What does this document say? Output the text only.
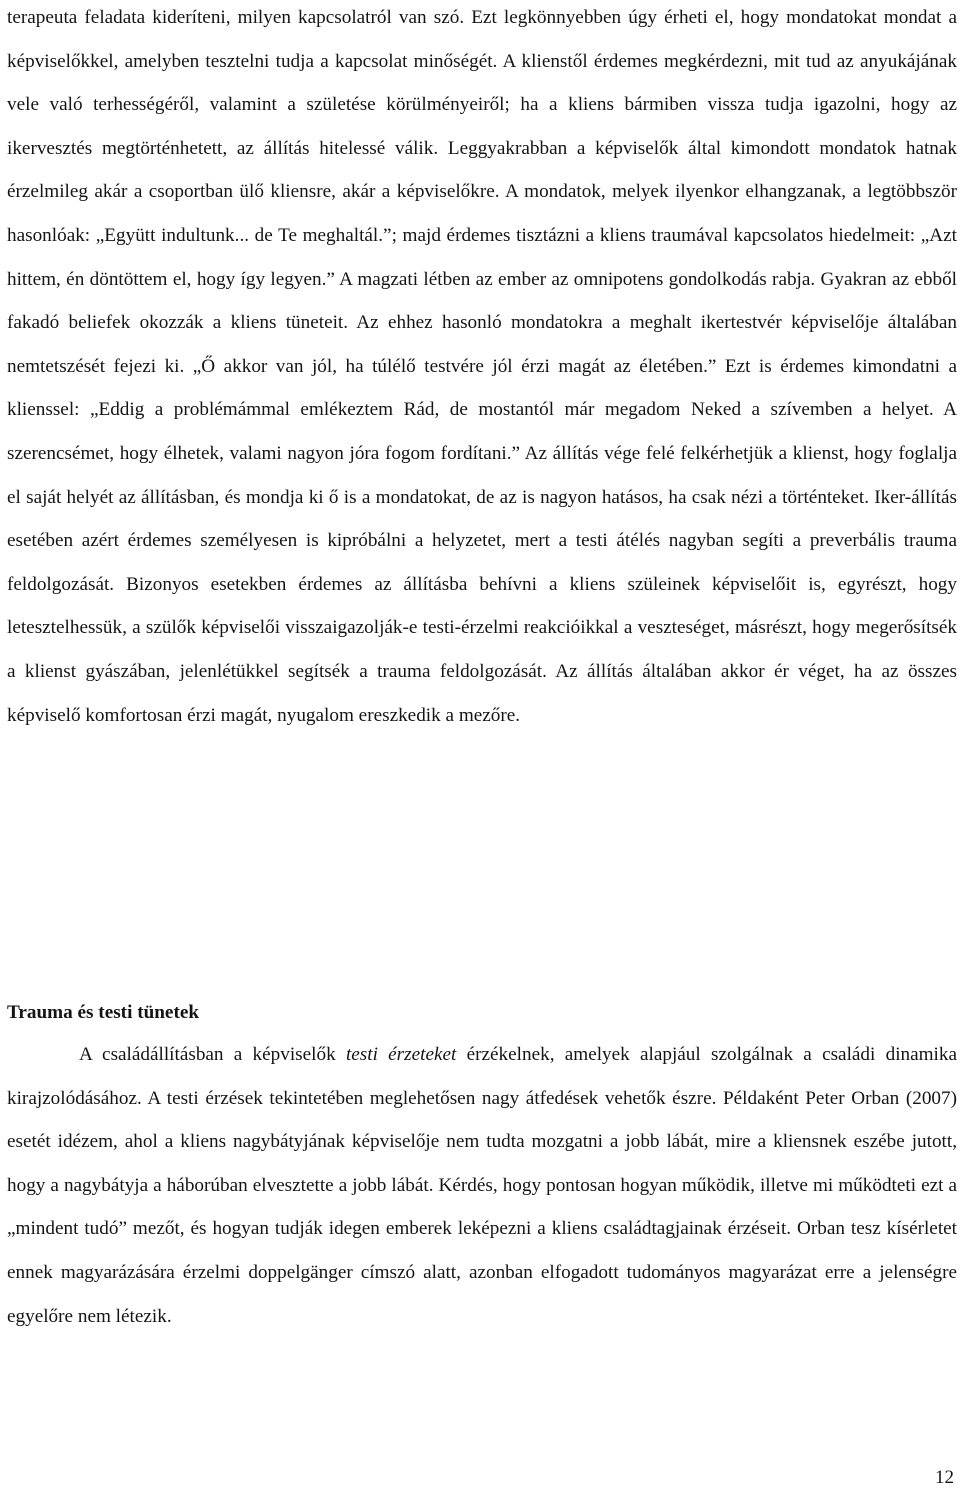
terapeuta feladata kideríteni, milyen kapcsolatról van szó. Ezt legkönnyebben úgy érheti el, hogy mondatokat mondat a képviselőkkel, amelyben tesztelni tudja a kapcsolat minőségét. A klienstől érdemes megkérdezni, mit tud az anyukájának vele való terhességéről, valamint a születése körülményeiről; ha a kliens bármiben vissza tudja igazolni, hogy az ikervesztés megtörténhetett, az állítás hitelessé válik. Leggyakrabban a képviselők által kimondott mondatok hatnak érzelmileg akár a csoportban ülő kliensre, akár a képviselőkre. A mondatok, melyek ilyenkor elhangzanak, a legtöbbször hasonlóak: „Együtt indultunk... de Te meghaltál.”; majd érdemes tisztázni a kliens traumával kapcsolatos hiedelmeit: „Azt hittem, én döntöttem el, hogy így legyen.” A magzati létben az ember az omnipotens gondolkodás rabja. Gyakran az ebből fakadó beliefek okozzák a kliens tüneteit. Az ehhez hasonló mondatokra a meghalt ikertestvér képviselője általában nemtetszését fejezi ki. „Ő akkor van jól, ha túlélő testvére jól érzi magát az életében.” Ezt is érdemes kimondatni a klienssel: „Eddig a problémámmal emlékeztem Rád, de mostantól már megadom Neked a szívemben a helyet. A szerencsémet, hogy élhetek, valami nagyon jóra fogom fordítani.” Az állítás vége felé felkérhetjük a klienst, hogy foglalja el saját helyét az állításban, és mondja ki ő is a mondatokat, de az is nagyon hatásos, ha csak nézi a történteket. Iker-állítás esetében azért érdemes személyesen is kipróbálni a helyzetet, mert a testi átélés nagyban segíti a preverbális trauma feldolgozását. Bizonyos esetekben érdemes az állításba behívni a kliens szüleinek képviselőit is, egyrészt, hogy letesztelhessük, a szülők képviselői visszaigazolják-e testi-érzelmi reakcióikkal a veszteséget, másrészt, hogy megerősítsék a klienst gyászában, jelenlétükkel segítsék a trauma feldolgozását. Az állítás általában akkor ér véget, ha az összes képviselő komfortosan érzi magát, nyugalom ereszkedik a mezőre.

Trauma és testi tünetek

A családállításban a képviselők testi érzeteket érzékelnek, amelyek alapjául szolgálnak a családi dinamika kirajzolódásához. A testi érzések tekintetében meglehetősen nagy átfedések vehetők észre. Példaként Peter Orban (2007) esetét idézem, ahol a kliens nagybátyjának képviselője nem tudta mozgatni a jobb lábát, mire a kliensnek eszébe jutott, hogy a nagybátyja a háborúban elvesztette a jobb lábát. Kérdés, hogy pontosan hogyan működik, illetve mi működteti ezt a „mindent tudó” mezőt, és hogyan tudják idegen emberek leképezni a kliens családtagjainak érzéseit. Orban tesz kísérletet ennek magyarázására érzelmi doppelgänger címszó alatt, azonban elfogadott tudományos magyarázat erre a jelenségre egyelőre nem létezik.

12
